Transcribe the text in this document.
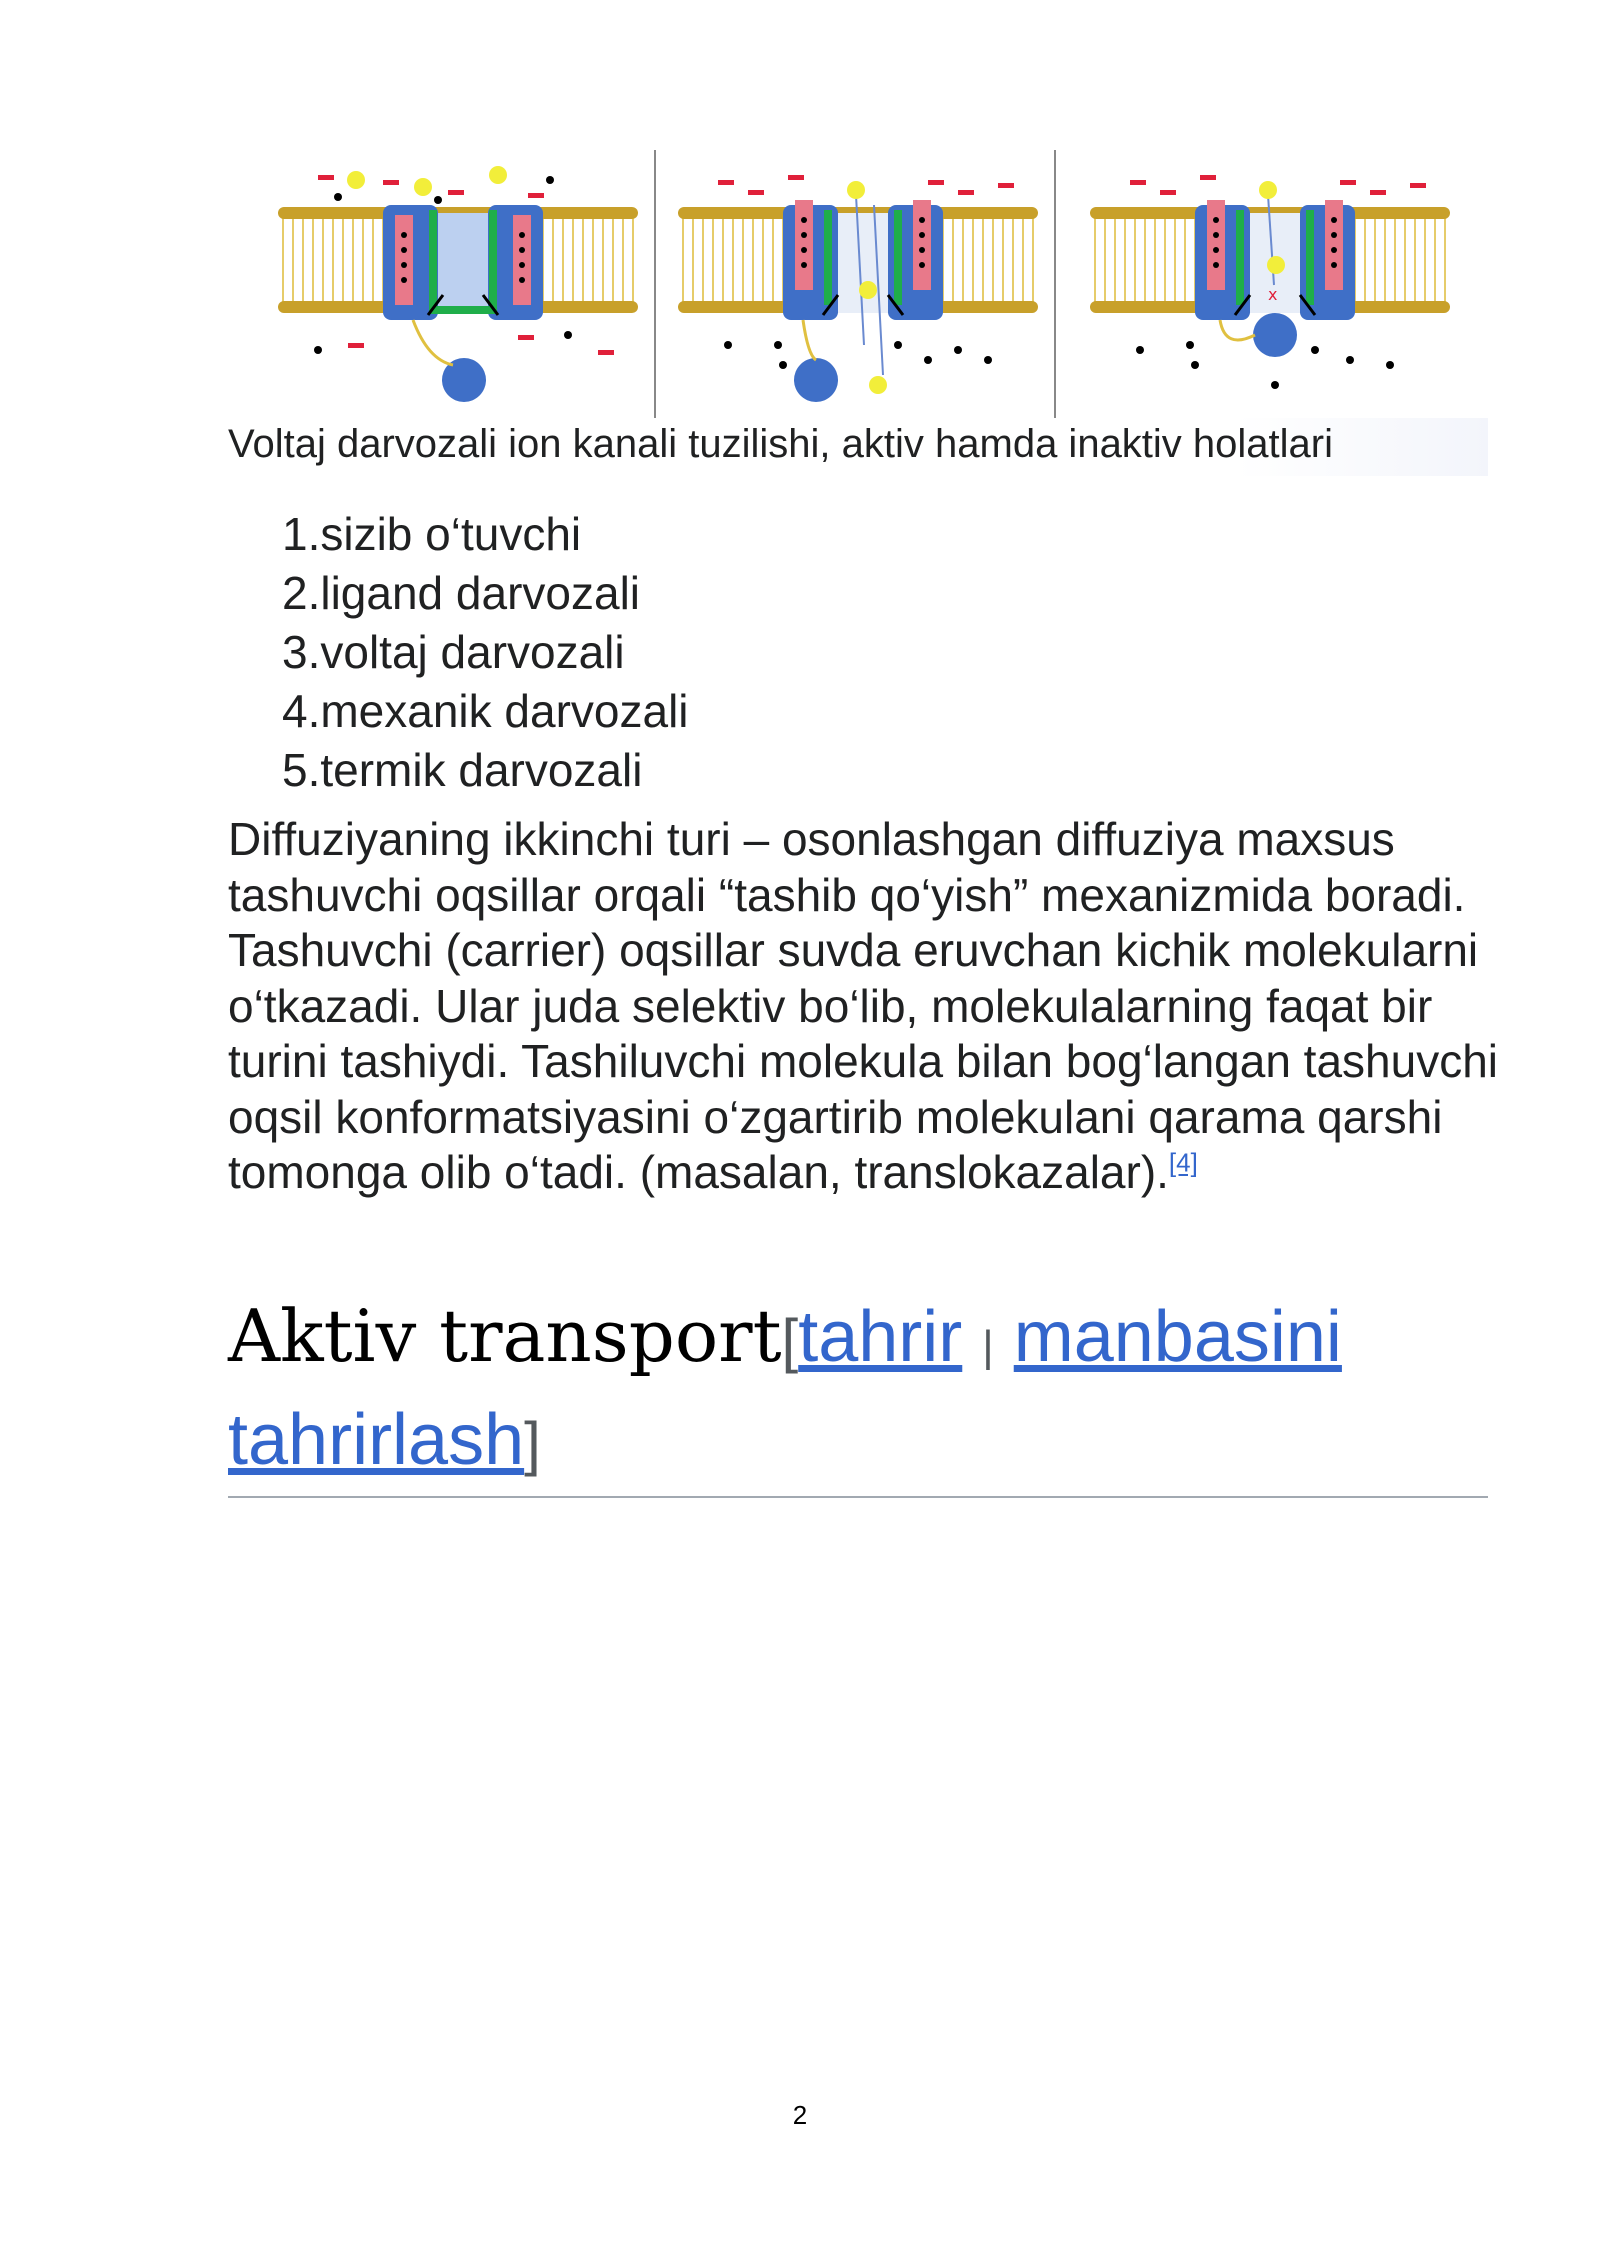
x
Voltaj darvozali ion kanali tuzilishi, aktiv hamda inaktiv holatlari
1.sizib o‘tuvchi
2.ligand darvozali
3.voltaj darvozali
4.mexanik darvozali
5.termik darvozali

Diffuziyaning ikkinchi turi – osonlashgan diffuziya maxsus tashuvchi oqsillar orqali “tashib qo‘yish” mexanizmida boradi. Tashuvchi (carrier) oqsillar suvda eruvchan kichik molekularni o‘tkazadi. Ular juda selektiv bo‘lib, molekulalarning faqat bir turini tashiydi. Tashiluvchi molekula bilan bog‘langan tashuvchi oqsil konformatsiyasini o‘zgartirib molekulani qarama qarshi tomonga olib o‘tadi. (masalan, translokazalar).[4]

Aktiv transport[tahrir | manbasini tahrirlash]
2
